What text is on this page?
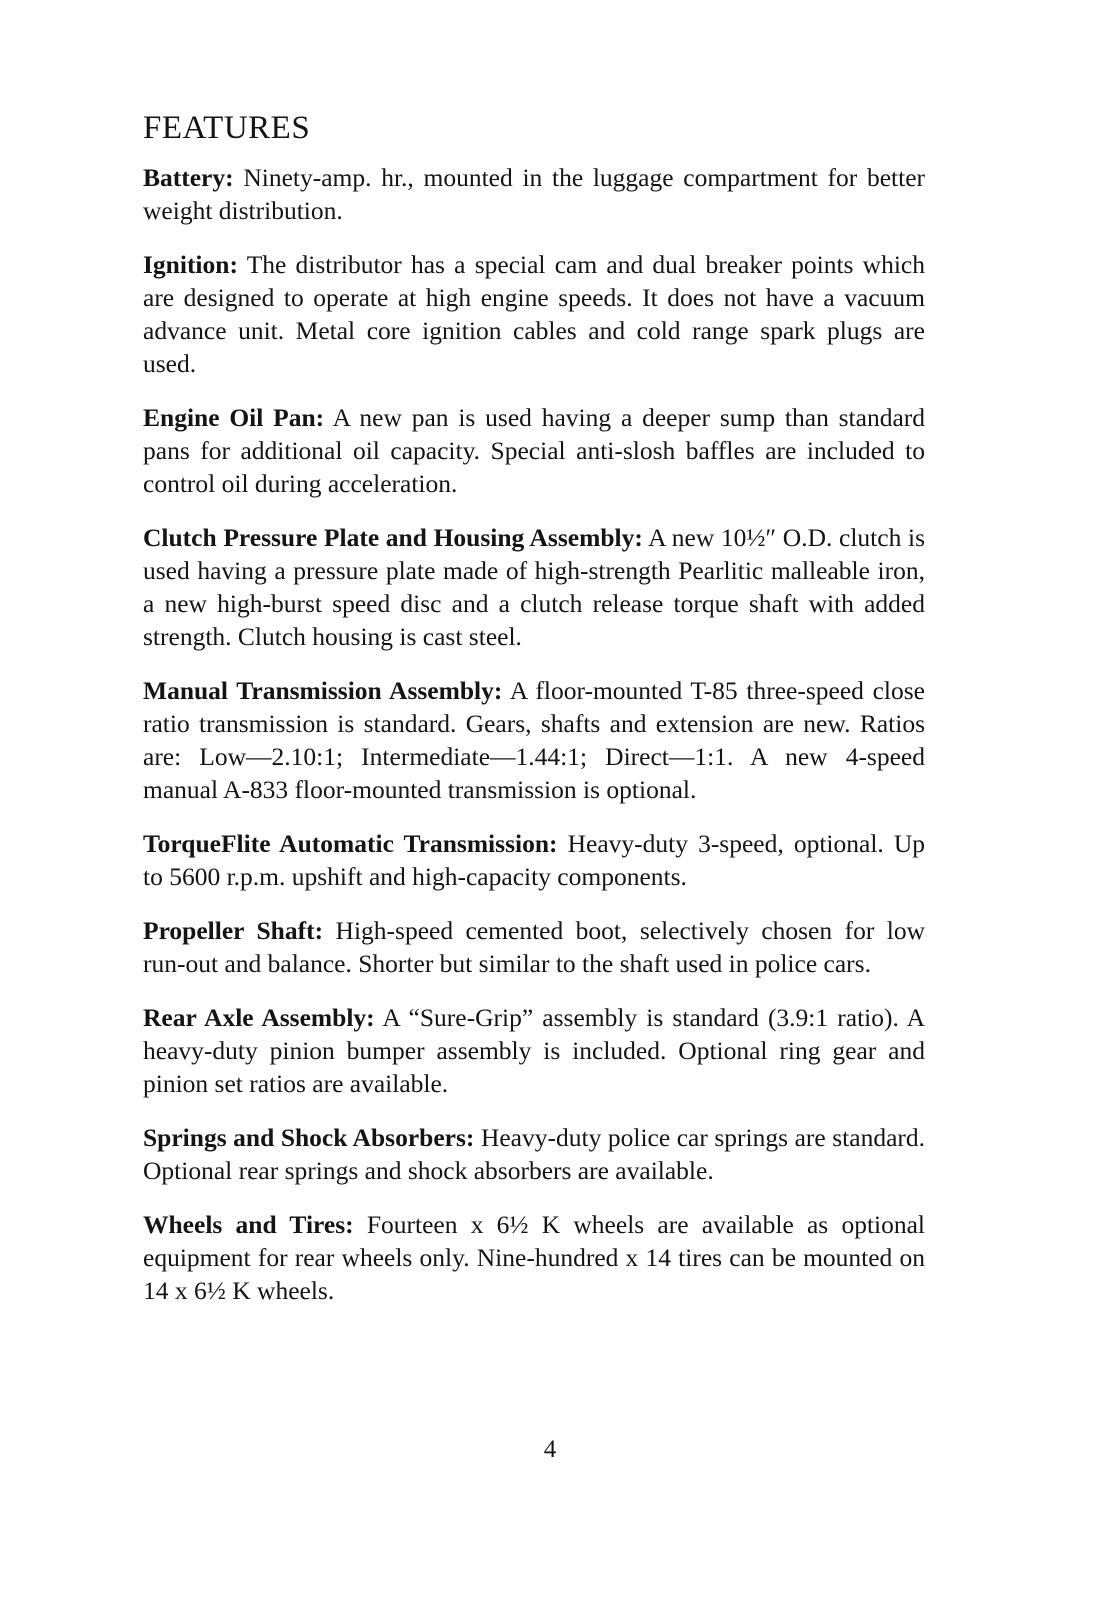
FEATURES

Battery: Ninety-amp. hr., mounted in the luggage compartment for better weight distribution.

Ignition: The distributor has a special cam and dual breaker points which are designed to operate at high engine speeds. It does not have a vacuum advance unit. Metal core ignition cables and cold range spark plugs are used.

Engine Oil Pan: A new pan is used having a deeper sump than standard pans for additional oil capacity. Special anti-slosh baffles are included to control oil during acceleration.

Clutch Pressure Plate and Housing Assembly: A new 10½″ O.D. clutch is used having a pressure plate made of high-strength Pearlitic malleable iron, a new high-burst speed disc and a clutch release torque shaft with added strength. Clutch housing is cast steel.

Manual Transmission Assembly: A floor-mounted T-85 three-speed close ratio transmission is standard. Gears, shafts and extension are new. Ratios are: Low—2.10:1; Intermediate—1.44:1; Direct—1:1. A new 4-speed manual A-833 floor-mounted transmission is optional.

TorqueFlite Automatic Transmission: Heavy-duty 3-speed, optional. Up to 5600 r.p.m. upshift and high-capacity components.

Propeller Shaft: High-speed cemented boot, selectively chosen for low run-out and balance. Shorter but similar to the shaft used in police cars.

Rear Axle Assembly: A “Sure-Grip” assembly is standard (3.9:1 ratio). A heavy-duty pinion bumper assembly is included. Optional ring gear and pinion set ratios are available.

Springs and Shock Absorbers: Heavy-duty police car springs are standard. Optional rear springs and shock absorbers are available.

Wheels and Tires: Fourteen x 6½ K wheels are available as optional equipment for rear wheels only. Nine-hundred x 14 tires can be mounted on 14 x 6½ K wheels.

4
